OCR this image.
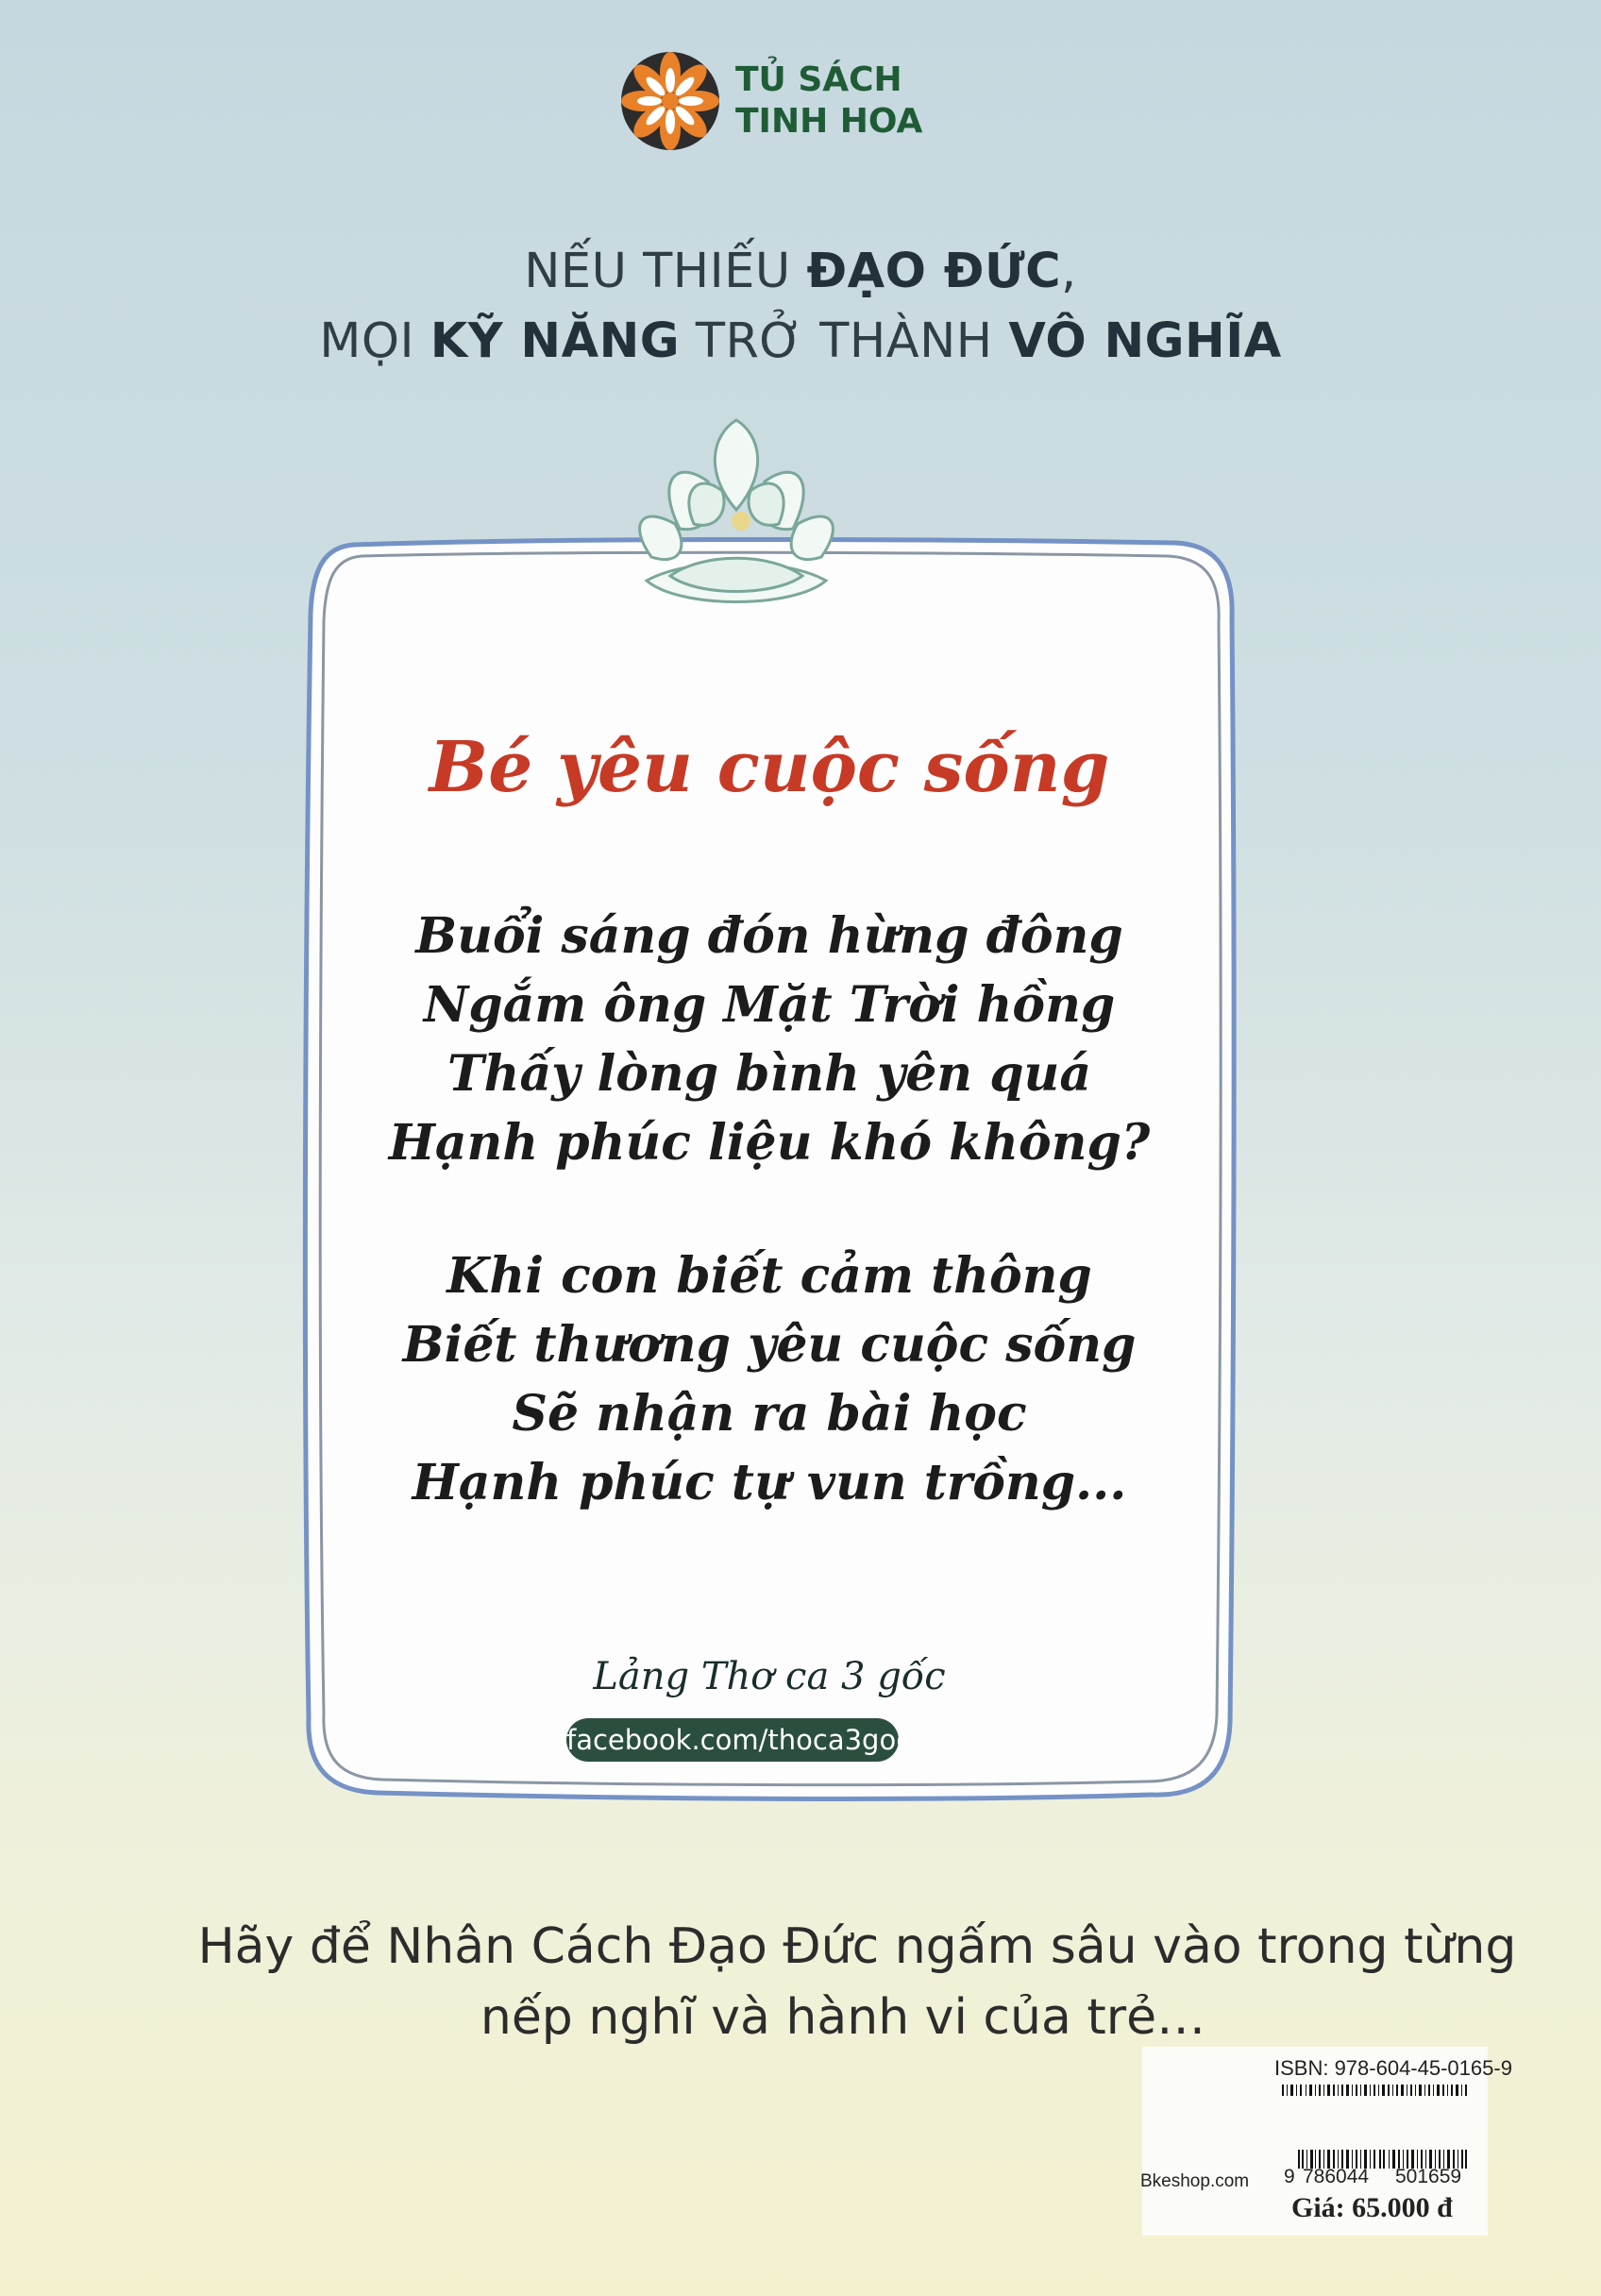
TỦ SÁCH
TINH HOA
NẾU THIẾU ĐẠO ĐỨC,
MỌI KỸ NĂNG TRỞ THÀNH VÔ NGHĨA
Bé yêu cuộc sống
Buổi sáng đón hừng đông
Ngắm ông Mặt Trời hồng
Thấy lòng bình yên quá
Hạnh phúc liệu khó không?
Khi con biết cảm thông
Biết thương yêu cuộc sống
Sẽ nhận ra bài học
Hạnh phúc tự vun trồng...
Lảng Thơ ca 3 gốc
facebook.com/thoca3goc
Hãy để Nhân Cách Đạo Đức ngấm sâu vào trong từng
nếp nghĩ và hành vi của trẻ…
ISBN: 978-604-45-0165-9
9 786044 501659
Bkeshop.com
Giá: 65.000 đ
